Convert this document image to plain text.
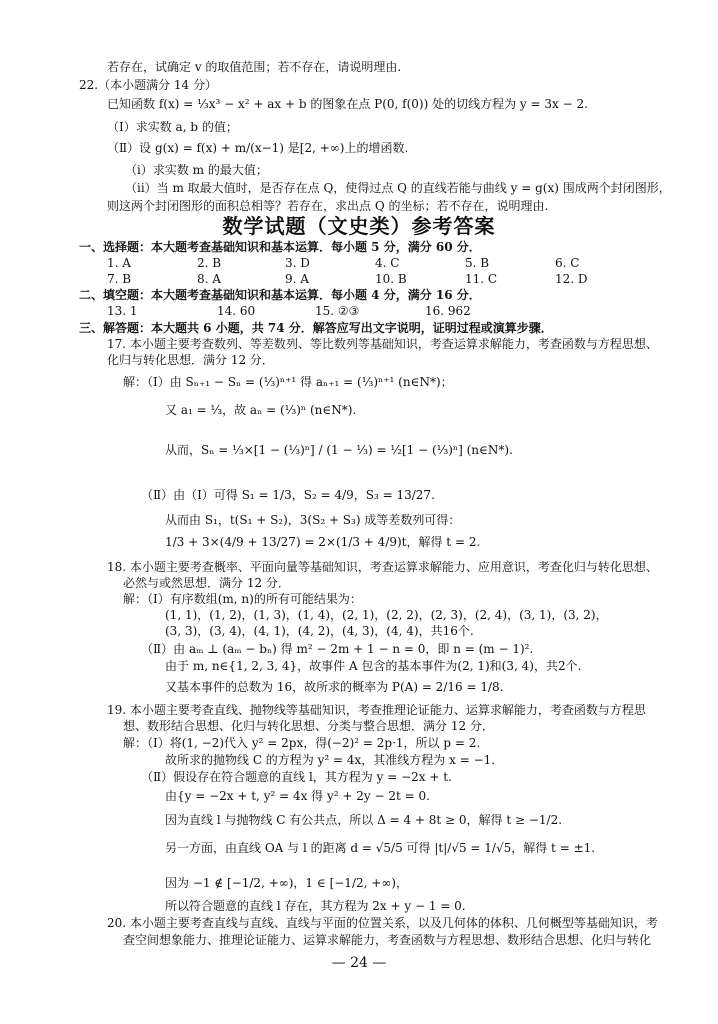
若存在，试确定 v 的取值范围；若不存在，请说明理由.
22.（本小题满分 14 分）
已知函数 f(x) = ⅓x³ − x² + ax + b 的图象在点 P(0, f(0)) 处的切线方程为 y = 3x − 2.
（Ⅰ）求实数 a, b 的值；
（Ⅱ）设 g(x) = f(x) + m/(x−1) 是[2, +∞)上的增函数.
（ⅰ）求实数 m 的最大值；
（ⅱ）当 m 取最大值时，是否存在点 Q，使得过点 Q 的直线若能与曲线 y = g(x) 围成两个封闭图形，
则这两个封闭图形的面积总相等？若存在，求出点 Q 的坐标；若不存在，说明理由.
数学试题（文史类）参考答案
一、选择题：本大题考查基础知识和基本运算．每小题 5 分，满分 60 分．
1. A	2. B	3. D	4. C	5. B	6. C
7. B	8. A	9. A	10. B	11. C	12. D
二、填空题：本大题考查基础知识和基本运算．每小题 4 分，满分 16 分．
13. 1	14. 60	15. ②③	16. 962
三、解答题：本大题共 6 小题，共 74 分．解答应写出文字说明，证明过程或演算步骤．
17. 本小题主要考查数列、等差数列、等比数列等基础知识，考查运算求解能力，考查函数与方程思想、
化归与转化思想．满分 12 分．
解：（Ⅰ）由 Sₙ₊₁ − Sₙ = (⅓)ⁿ⁺¹ 得 aₙ₊₁ = (⅓)ⁿ⁺¹ (n∈N*)；
又 a₁ = ⅓，故 aₙ = (⅓)ⁿ (n∈N*).
从而，Sₙ = ⅓×[1 − (⅓)ⁿ] / (1 − ⅓) = ½[1 − (⅓)ⁿ] (n∈N*).
（Ⅱ）由（Ⅰ）可得 S₁ = 1/3，S₂ = 4/9，S₃ = 13/27.
从而由 S₁，t(S₁ + S₂)，3(S₂ + S₃) 成等差数列可得：
1/3 + 3×(4/9 + 13/27) = 2×(1/3 + 4/9)t，解得 t = 2.
18. 本小题主要考查概率、平面向量等基础知识，考查运算求解能力、应用意识，考查化归与转化思想、
必然与或然思想．满分 12 分．
解：（Ⅰ）有序数组(m, n)的所有可能结果为：
(1, 1)，(1, 2)，(1, 3)，(1, 4)，(2, 1)，(2, 2)，(2, 3)，(2, 4)，(3, 1)，(3, 2)，
(3, 3)，(3, 4)，(4, 1)，(4, 2)，(4, 3)，(4, 4)，共16个.
（Ⅱ）由 aₘ ⊥ (aₘ − bₙ) 得 m² − 2m + 1 − n = 0，即 n = (m − 1)².
由于 m, n∈{1, 2, 3, 4}，故事件 A 包含的基本事件为(2, 1)和(3, 4)，共2个.
又基本事件的总数为 16，故所求的概率为 P(A) = 2/16 = 1/8.
19. 本小题主要考查直线、抛物线等基础知识，考查推理论证能力、运算求解能力，考查函数与方程思
想、数形结合思想、化归与转化思想、分类与整合思想．满分 12 分．
解：（Ⅰ）将(1, −2)代入 y² = 2px，得(−2)² = 2p·1，所以 p = 2.
故所求的抛物线 C 的方程为 y² = 4x，其准线方程为 x = −1.
（Ⅱ）假设存在符合题意的直线 l，其方程为 y = −2x + t.
由{y = −2x + t, y² = 4x 得 y² + 2y − 2t = 0.
因为直线 l 与抛物线 C 有公共点，所以 Δ = 4 + 8t ≥ 0，解得 t ≥ −1/2.
另一方面，由直线 OA 与 l 的距离 d = √5/5 可得 |t|/√5 = 1/√5，解得 t = ±1.
因为 −1 ∉ [−1/2, +∞)，1 ∈ [−1/2, +∞)，
所以符合题意的直线 l 存在，其方程为 2x + y − 1 = 0.
20. 本小题主要考查直线与直线、直线与平面的位置关系，以及几何体的体积、几何概型等基础知识，考
查空间想象能力、推理论证能力、运算求解能力，考查函数与方程思想、数形结合思想、化归与转化
— 24 —
